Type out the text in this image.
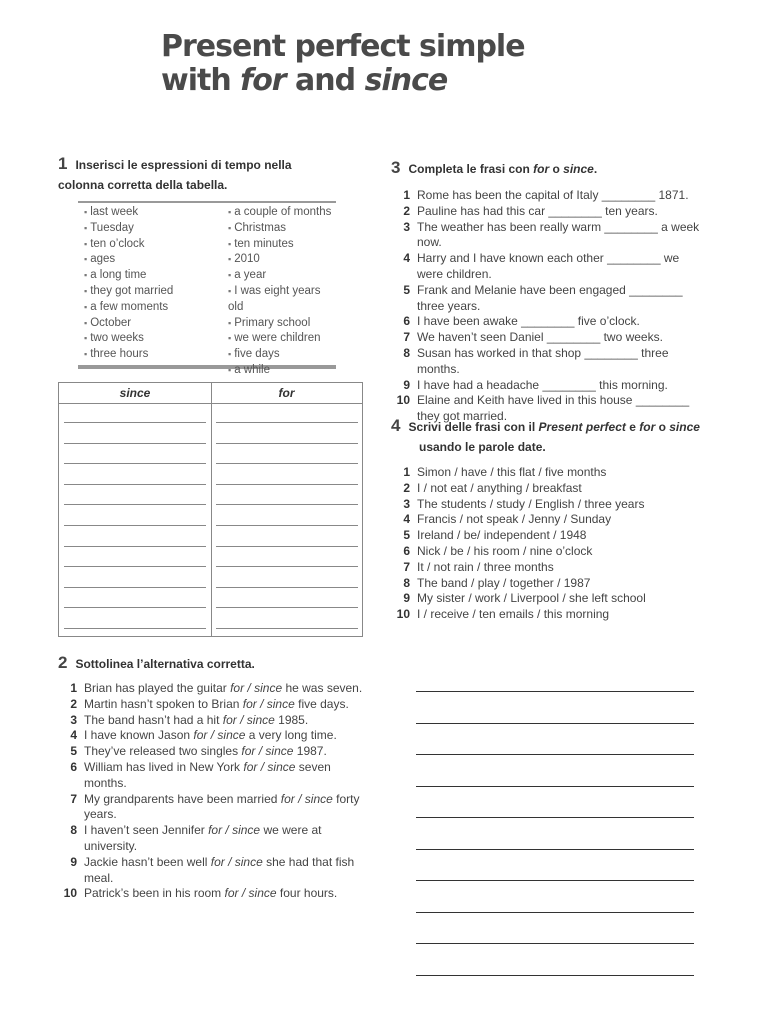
Present perfect simple
with for and since
1 Inserisci le espressioni di tempo nella colonna corretta della tabella.
▪ last week
▪ Tuesday
▪ ten o’clock
▪ ages
▪ a long time
▪ they got married
▪ a few moments
▪ October
▪ two weeks
▪ three hours
▪ a couple of months
▪ Christmas
▪ ten minutes
▪ 2010
▪ a year
▪ I was eight years old
▪ Primary school
▪ we were children
▪ five days
▪ a while
since	for
2 Sottolinea l’alternativa corretta.
1 Brian has played the guitar for / since he was seven.
2 Martin hasn’t spoken to Brian for / since five days.
3 The band hasn’t had a hit for / since 1985.
4 I have known Jason for / since a very long time.
5 They’ve released two singles for / since 1987.
6 William has lived in New York for / since seven months.
7 My grandparents have been married for / since forty years.
8 I haven’t seen Jennifer for / since we were at university.
9 Jackie hasn’t been well for / since she had that fish meal.
10 Patrick’s been in his room for / since four hours.
3 Completa le frasi con for o since.
1 Rome has been the capital of Italy ________ 1871.
2 Pauline has had this car ________ ten years.
3 The weather has been really warm ________ a week now.
4 Harry and I have known each other ________ we were children.
5 Frank and Melanie have been engaged ________ three years.
6 I have been awake ________ five o’clock.
7 We haven’t seen Daniel ________ two weeks.
8 Susan has worked in that shop ________ three months.
9 I have had a headache ________ this morning.
10 Elaine and Keith have lived in this house ________ they got married.
4 Scrivi delle frasi con il Present perfect e for o since
usando le parole date.
1 Simon / have / this flat / five months
2 I / not eat / anything / breakfast
3 The students / study / English / three years
4 Francis / not speak / Jenny / Sunday
5 Ireland / be/ independent / 1948
6 Nick / be / his room / nine o’clock
7 It / not rain / three months
8 The band / play / together / 1987
9 My sister / work / Liverpool / she left school
10 I / receive / ten emails / this morning
